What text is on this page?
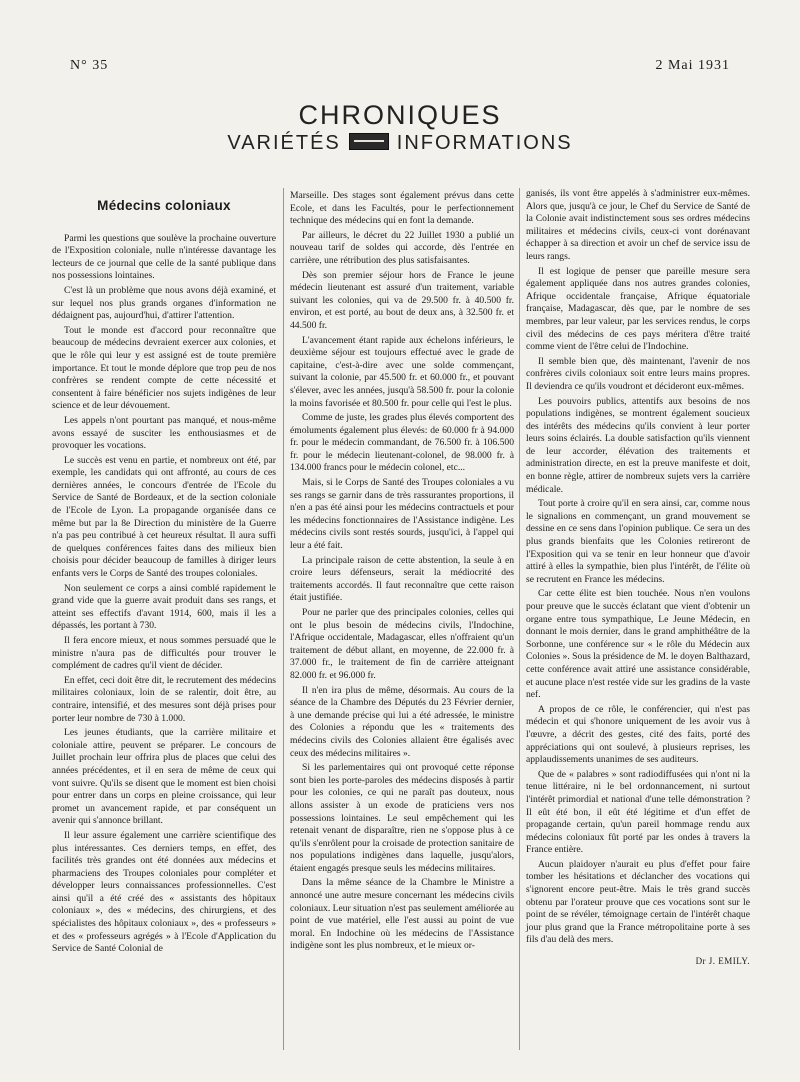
N° 35	2 Mai 1931
CHRONIQUES
VARIÉTÉS	INFORMATIONS
Médecins coloniaux

Parmi les questions que soulève la prochaine ouverture de l'Exposition coloniale, nulle n'intéresse davantage les lecteurs de ce journal que celle de la santé publique dans nos possessions lointaines.

C'est là un problème que nous avons déjà examiné, et sur lequel nos plus grands organes d'information ne dédaignent pas, aujourd'hui, d'attirer l'attention.

Tout le monde est d'accord pour reconnaître que beaucoup de médecins devraient exercer aux colonies, et que le rôle qui leur y est assigné est de toute première importance. Et tout le monde déplore que trop peu de nos confrères se rendent compte de cette nécessité et consentent à faire bénéficier nos sujets indigènes de leur science et de leur dévouement.

Les appels n'ont pourtant pas manqué, et nous-même avons essayé de susciter les enthousiasmes et de provoquer les vocations.

Le succès est venu en partie, et nombreux ont été, par exemple, les candidats qui ont affronté, au cours de ces dernières années, le concours d'entrée de l'Ecole du Service de Santé de Bordeaux, et de la section coloniale de l'Ecole de Lyon. La propagande organisée dans ce même but par la 8e Direction du ministère de la Guerre n'a pas peu contribué à cet heureux résultat. Il aura suffi de quelques conférences faites dans des milieux bien choisis pour décider beaucoup de familles à diriger leurs enfants vers le Corps de Santé des troupes coloniales.

Non seulement ce corps a ainsi comblé rapidement le grand vide que la guerre avait produit dans ses rangs, et atteint ses effectifs d'avant 1914, 600, mais il les a dépassés, les portant à 730.

Il fera encore mieux, et nous sommes persuadé que le ministre n'aura pas de difficultés pour trouver le complément de cadres qu'il vient de décider.

En effet, ceci doit être dit, le recrutement des médecins militaires coloniaux, loin de se ralentir, doit être, au contraire, intensifié, et des mesures sont déjà prises pour porter leur nombre de 730 à 1.000.

Les jeunes étudiants, que la carrière militaire et coloniale attire, peuvent se préparer. Le concours de Juillet prochain leur offrira plus de places que celui des années précédentes, et il en sera de même de ceux qui vont suivre. Qu'ils se disent que le moment est bien choisi pour entrer dans un corps en pleine croissance, qui leur promet un avancement rapide, et par conséquent un avenir qui s'annonce brillant.

Il leur assure également une carrière scientifique des plus intéressantes. Ces derniers temps, en effet, des facilités très grandes ont été données aux médecins et pharmaciens des Troupes coloniales pour compléter et développer leurs connaissances professionnelles. C'est ainsi qu'il a été créé des « assistants des hôpitaux coloniaux », des « médecins, des chirurgiens, et des spécialistes des hôpitaux coloniaux », des « professeurs » et des « professeurs agrégés » à l'Ecole d'Application du Service de Santé Colonial de

Marseille. Des stages sont également prévus dans cette Ecole, et dans les Facultés, pour le perfectionnement technique des médecins qui en font la demande.

Par ailleurs, le décret du 22 Juillet 1930 a publié un nouveau tarif de soldes qui accorde, dès l'entrée en carrière, une rétribution des plus satisfaisantes.

Dès son premier séjour hors de France le jeune médecin lieutenant est assuré d'un traitement, variable suivant les colonies, qui va de 29.500 fr. à 40.500 fr. environ, et est porté, au bout de deux ans, à 32.500 fr. et 44.500 fr.

L'avancement étant rapide aux échelons inférieurs, le deuxième séjour est toujours effectué avec le grade de capitaine, c'est-à-dire avec une solde commençant, suivant la colonie, par 45.500 fr. et 60.000 fr., et pouvant s'élever, avec les années, jusqu'à 58.500 fr. pour la colonie la moins favorisée et 80.500 fr. pour celle qui l'est le plus.

Comme de juste, les grades plus élevés comportent des émoluments également plus élevés: de 60.000 fr à 94.000 fr. pour le médecin commandant, de 76.500 fr. à 106.500 fr. pour le médecin lieutenant-colonel, de 98.000 fr. à 134.000 francs pour le médecin colonel, etc...

Mais, si le Corps de Santé des Troupes coloniales a vu ses rangs se garnir dans de très rassurantes proportions, il n'en a pas été ainsi pour les médecins contractuels et pour les médecins fonctionnaires de l'Assistance indigène. Les médecins civils sont restés sourds, jusqu'ici, à l'appel qui leur a été fait.

La principale raison de cette abstention, la seule à en croire leurs défenseurs, serait la médiocrité des traitements accordés. Il faut reconnaître que cette raison était justifiée.

Pour ne parler que des principales colonies, celles qui ont le plus besoin de médecins civils, l'Indochine, l'Afrique occidentale, Madagascar, elles n'offraient qu'un traitement de début allant, en moyenne, de 22.000 fr. à 37.000 fr., le traitement de fin de carrière atteignant 82.000 fr. et 96.000 fr.

Il n'en ira plus de même, désormais. Au cours de la séance de la Chambre des Députés du 23 Février dernier, à une demande précise qui lui a été adressée, le ministre des Colonies a répondu que les « traitements des médecins civils des Colonies allaient être égalisés avec ceux des médecins militaires ».

Si les parlementaires qui ont provoqué cette réponse sont bien les porte-paroles des médecins disposés à partir pour les colonies, ce qui ne paraît pas douteux, nous allons assister à un exode de praticiens vers nos possessions lointaines. Le seul empêchement qui les retenait venant de disparaître, rien ne s'oppose plus à ce qu'ils s'enrôlent pour la croisade de protection sanitaire de nos populations indigènes dans laquelle, jusqu'alors, étaient engagés presque seuls les médecins militaires.

Dans la même séance de la Chambre le Ministre a annoncé une autre mesure concernant les médecins civils coloniaux. Leur situation n'est pas seulement améliorée au point de vue matériel, elle l'est aussi au point de vue moral. En Indochine où les médecins de l'Assistance indigène sont les plus nombreux, et le mieux or-

ganisés, ils vont être appelés à s'administrer eux-mêmes. Alors que, jusqu'à ce jour, le Chef du Service de Santé de la Colonie avait indistinctement sous ses ordres médecins militaires et médecins civils, ceux-ci vont dorénavant échapper à sa direction et avoir un chef de service issu de leurs rangs.

Il est logique de penser que pareille mesure sera également appliquée dans nos autres grandes colonies, Afrique occidentale française, Afrique équatoriale française, Madagascar, dès que, par le nombre de ses membres, par leur valeur, par les services rendus, le corps civil des médecins de ces pays méritera d'être traité comme vient de l'être celui de l'Indochine.

Il semble bien que, dès maintenant, l'avenir de nos confrères civils coloniaux soit entre leurs mains propres. Il deviendra ce qu'ils voudront et décideront eux-mêmes.

Les pouvoirs publics, attentifs aux besoins de nos populations indigènes, se montrent également soucieux des intérêts des médecins qu'ils convient à leur porter leurs soins éclairés. La double satisfaction qu'ils viennent de leur accorder, élévation des traitements et administration directe, en est la preuve manifeste et doit, en bonne règle, attirer de nombreux sujets vers la carrière médicale.

Tout porte à croire qu'il en sera ainsi, car, comme nous le signalions en commençant, un grand mouvement se dessine en ce sens dans l'opinion publique. Ce sera un des plus grands bienfaits que les Colonies retireront de l'Exposition qui va se tenir en leur honneur que d'avoir attiré à elles la sympathie, bien plus l'intérêt, de l'élite où se recrutent en France les médecins.

Car cette élite est bien touchée. Nous n'en voulons pour preuve que le succès éclatant que vient d'obtenir un organe entre tous sympathique, Le Jeune Médecin, en donnant le mois dernier, dans le grand amphithéâtre de la Sorbonne, une conférence sur « le rôle du Médecin aux Colonies ». Sous la présidence de M. le doyen Balthazard, cette conférence avait attiré une assistance considérable, et aucune place n'est restée vide sur les gradins de la vaste nef.

A propos de ce rôle, le conférencier, qui n'est pas médecin et qui s'honore uniquement de les avoir vus à l'œuvre, a décrit des gestes, cité des faits, porté des appréciations qui ont soulevé, à plusieurs reprises, les applaudissements unanimes de ses auditeurs.

Que de « palabres » sont radiodiffusées qui n'ont ni la tenue littéraire, ni le bel ordonnancement, ni surtout l'intérêt primordial et national d'une telle démonstration ? Il eût été bon, il eût été légitime et d'un effet de propagande certain, qu'un pareil hommage rendu aux médecins coloniaux fût porté par les ondes à travers la France entière.

Aucun plaidoyer n'aurait eu plus d'effet pour faire tomber les hésitations et déclancher des vocations qui s'ignorent encore peut-être. Mais le très grand succès obtenu par l'orateur prouve que ces vocations sont sur le point de se révéler, témoignage certain de l'intérêt chaque jour plus grand que la France métropolitaine porte à ses fils d'au delà des mers.

Dr J. EMILY.
